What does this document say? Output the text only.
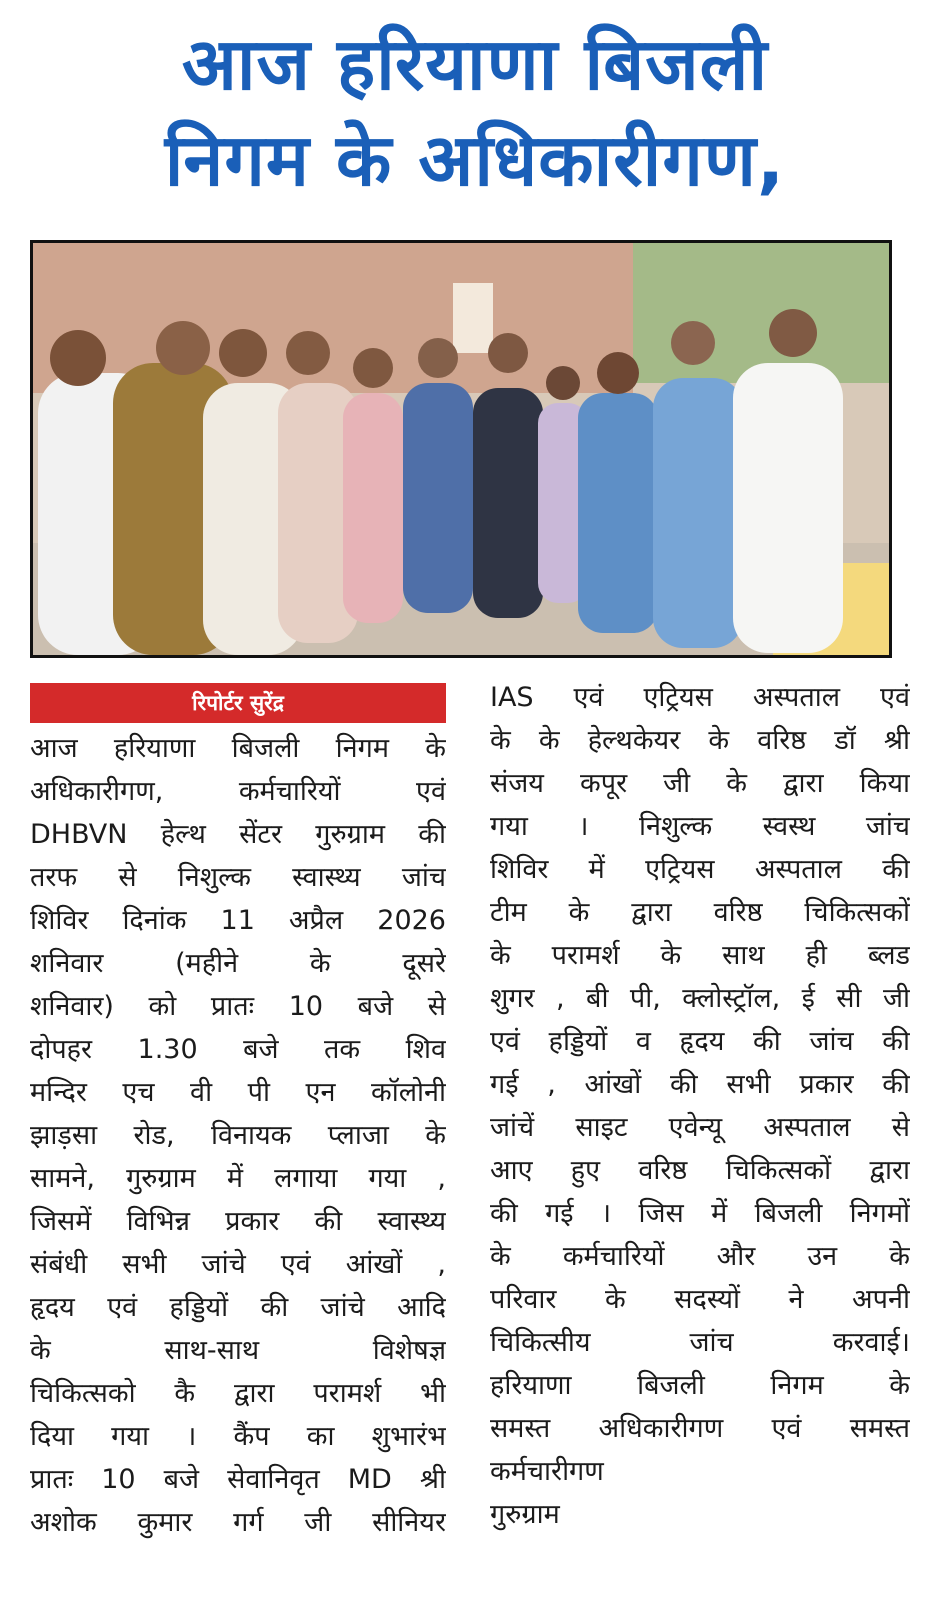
आज हरियाणा बिजली
निगम के अधिकारीगण,
रिपोर्टर सुरेंद्र
आज हरियाणा बिजली निगम के
अधिकारीगण, कर्मचारियों एवं
DHBVN हेल्थ सेंटर गुरुग्राम की
तरफ से निशुल्क स्वास्थ्य जांच
शिविर दिनांक 11 अप्रैल 2026
शनिवार (महीने के दूसरे
शनिवार) को प्रातः 10 बजे से
दोपहर 1.30 बजे तक शिव
मन्दिर एच वी पी एन कॉलोनी
झाड़सा रोड, विनायक प्लाजा के
सामने, गुरुग्राम में लगाया गया ,
जिसमें विभिन्न प्रकार की स्वास्थ्य
संबंधी सभी जांचे एवं आंखों ,
हृदय एवं हड्डियों की जांचे आदि
के साथ-साथ विशेषज्ञ
चिकित्सको कै द्वारा परामर्श भी
दिया गया । कैंप का शुभारंभ
प्रातः 10 बजे सेवानिवृत MD श्री
अशोक कुमार गर्ग जी सीनियर
IAS एवं एट्रियस अस्पताल एवं
के के हेल्थकेयर के वरिष्ठ डॉ श्री
संजय कपूर जी के द्वारा किया
गया । निशुल्क स्वस्थ जांच
शिविर में एट्रियस अस्पताल की
टीम के द्वारा वरिष्ठ चिकित्सकों
के परामर्श के साथ ही ब्लड
शुगर , बी पी, क्लोस्ट्रॉल, ई सी जी
एवं हड्डियों व हृदय की जांच की
गई , आंखों की सभी प्रकार की
जांचें साइट एवेन्यू अस्पताल से
आए हुए वरिष्ठ चिकित्सकों द्वारा
की गई । जिस में बिजली निगमों
के कर्मचारियों और उन के
परिवार के सदस्यों ने अपनी
चिकित्सीय जांच करवाई।
हरियाणा बिजली निगम के
समस्त अधिकारीगण एवं समस्त
कर्मचारीगण
गुरुग्राम
